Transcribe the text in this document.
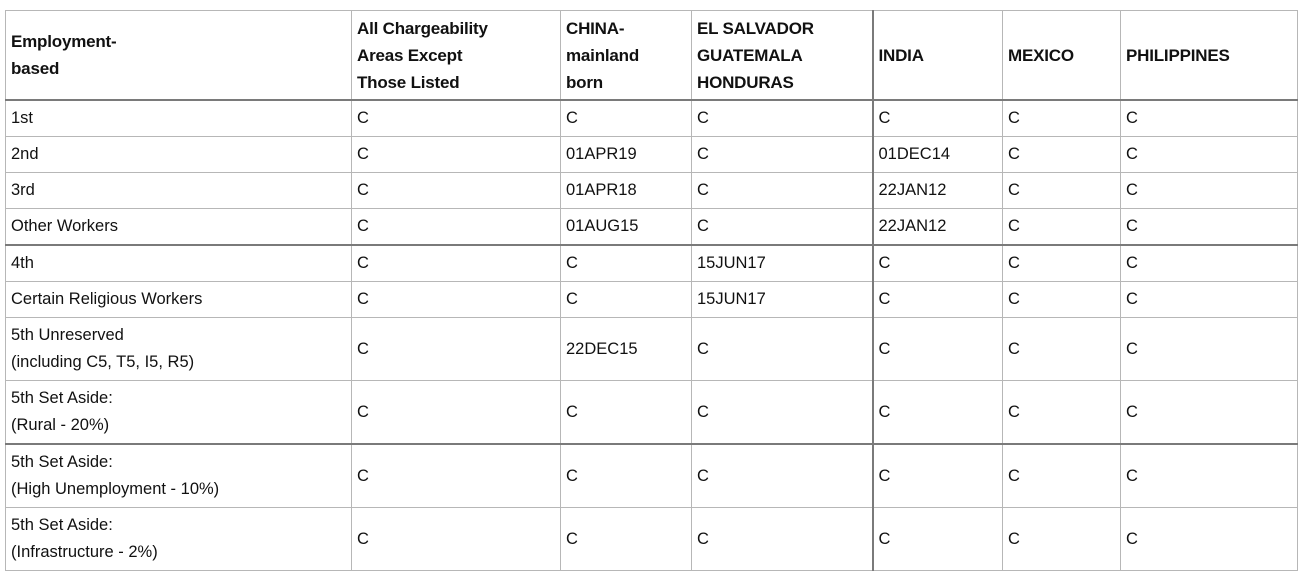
Employment-
based	All Chargeability
Areas Except
Those Listed	CHINA-
mainland
born	EL SALVADOR
GUATEMALA
HONDURAS	INDIA	MEXICO	PHILIPPINES

1st	C	C	C	C	C	C

2nd	C	01APR19	C	01DEC14	C	C

3rd	C	01APR18	C	22JAN12	C	C

Other Workers	C	01AUG15	C	22JAN12	C	C

4th	C	C	15JUN17	C	C	C

Certain Religious Workers	C	C	15JUN17	C	C	C

5th Unreserved
(including C5, T5, I5, R5)	C	22DEC15	C	C	C	C

5th Set Aside:
(Rural - 20%)	C	C	C	C	C	C

5th Set Aside:
(High Unemployment - 10%)	C	C	C	C	C	C

5th Set Aside:
(Infrastructure - 2%)	C	C	C	C	C	C
